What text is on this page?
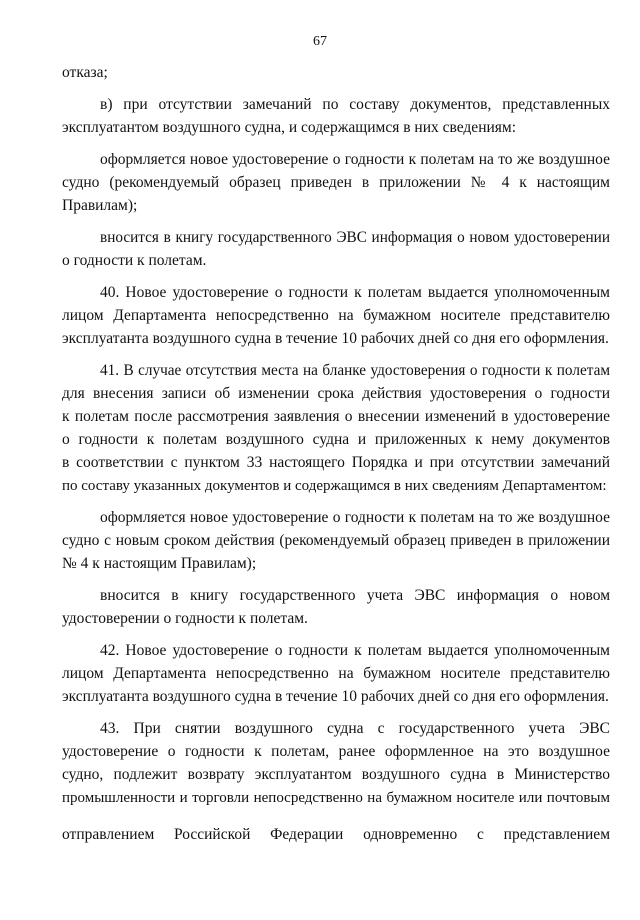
67
отказа;
в) при отсутствии замечаний по составу документов, представленных
эксплуатантом воздушного судна, и содержащимся в них сведениям:
оформляется новое удостоверение о годности к полетам на то же воздушное
судно (рекомендуемый образец приведен в приложении № 4 к настоящим
Правилам);
вносится в книгу государственного ЭВС информация о новом удостоверении
о годности к полетам.
40. Новое удостоверение о годности к полетам выдается уполномоченным
лицом Департамента непосредственно на бумажном носителе представителю
эксплуатанта воздушного судна в течение 10 рабочих дней со дня его оформления.
41. В случае отсутствия места на бланке удостоверения о годности к полетам
для внесения записи об изменении срока действия удостоверения о годности
к полетам после рассмотрения заявления о внесении изменений в удостоверение
о годности к полетам воздушного судна и приложенных к нему документов
в соответствии с пунктом 33 настоящего Порядка и при отсутствии замечаний
по составу указанных документов и содержащимся в них сведениям Департаментом:
оформляется новое удостоверение о годности к полетам на то же воздушное
судно с новым сроком действия (рекомендуемый образец приведен в приложении
№ 4 к настоящим Правилам);
вносится в книгу государственного учета ЭВС информация о новом
удостоверении о годности к полетам.
42. Новое удостоверение о годности к полетам выдается уполномоченным
лицом Департамента непосредственно на бумажном носителе представителю
эксплуатанта воздушного судна в течение 10 рабочих дней со дня его оформления.
43. При снятии воздушного судна с государственного учета ЭВС
удостоверение о годности к полетам, ранее оформленное на это воздушное
судно, подлежит возврату эксплуатантом воздушного судна в Министерство
промышленности и торговли непосредственно на бумажном носителе или почтовым
отправлением Российской Федерации одновременно с представлением
